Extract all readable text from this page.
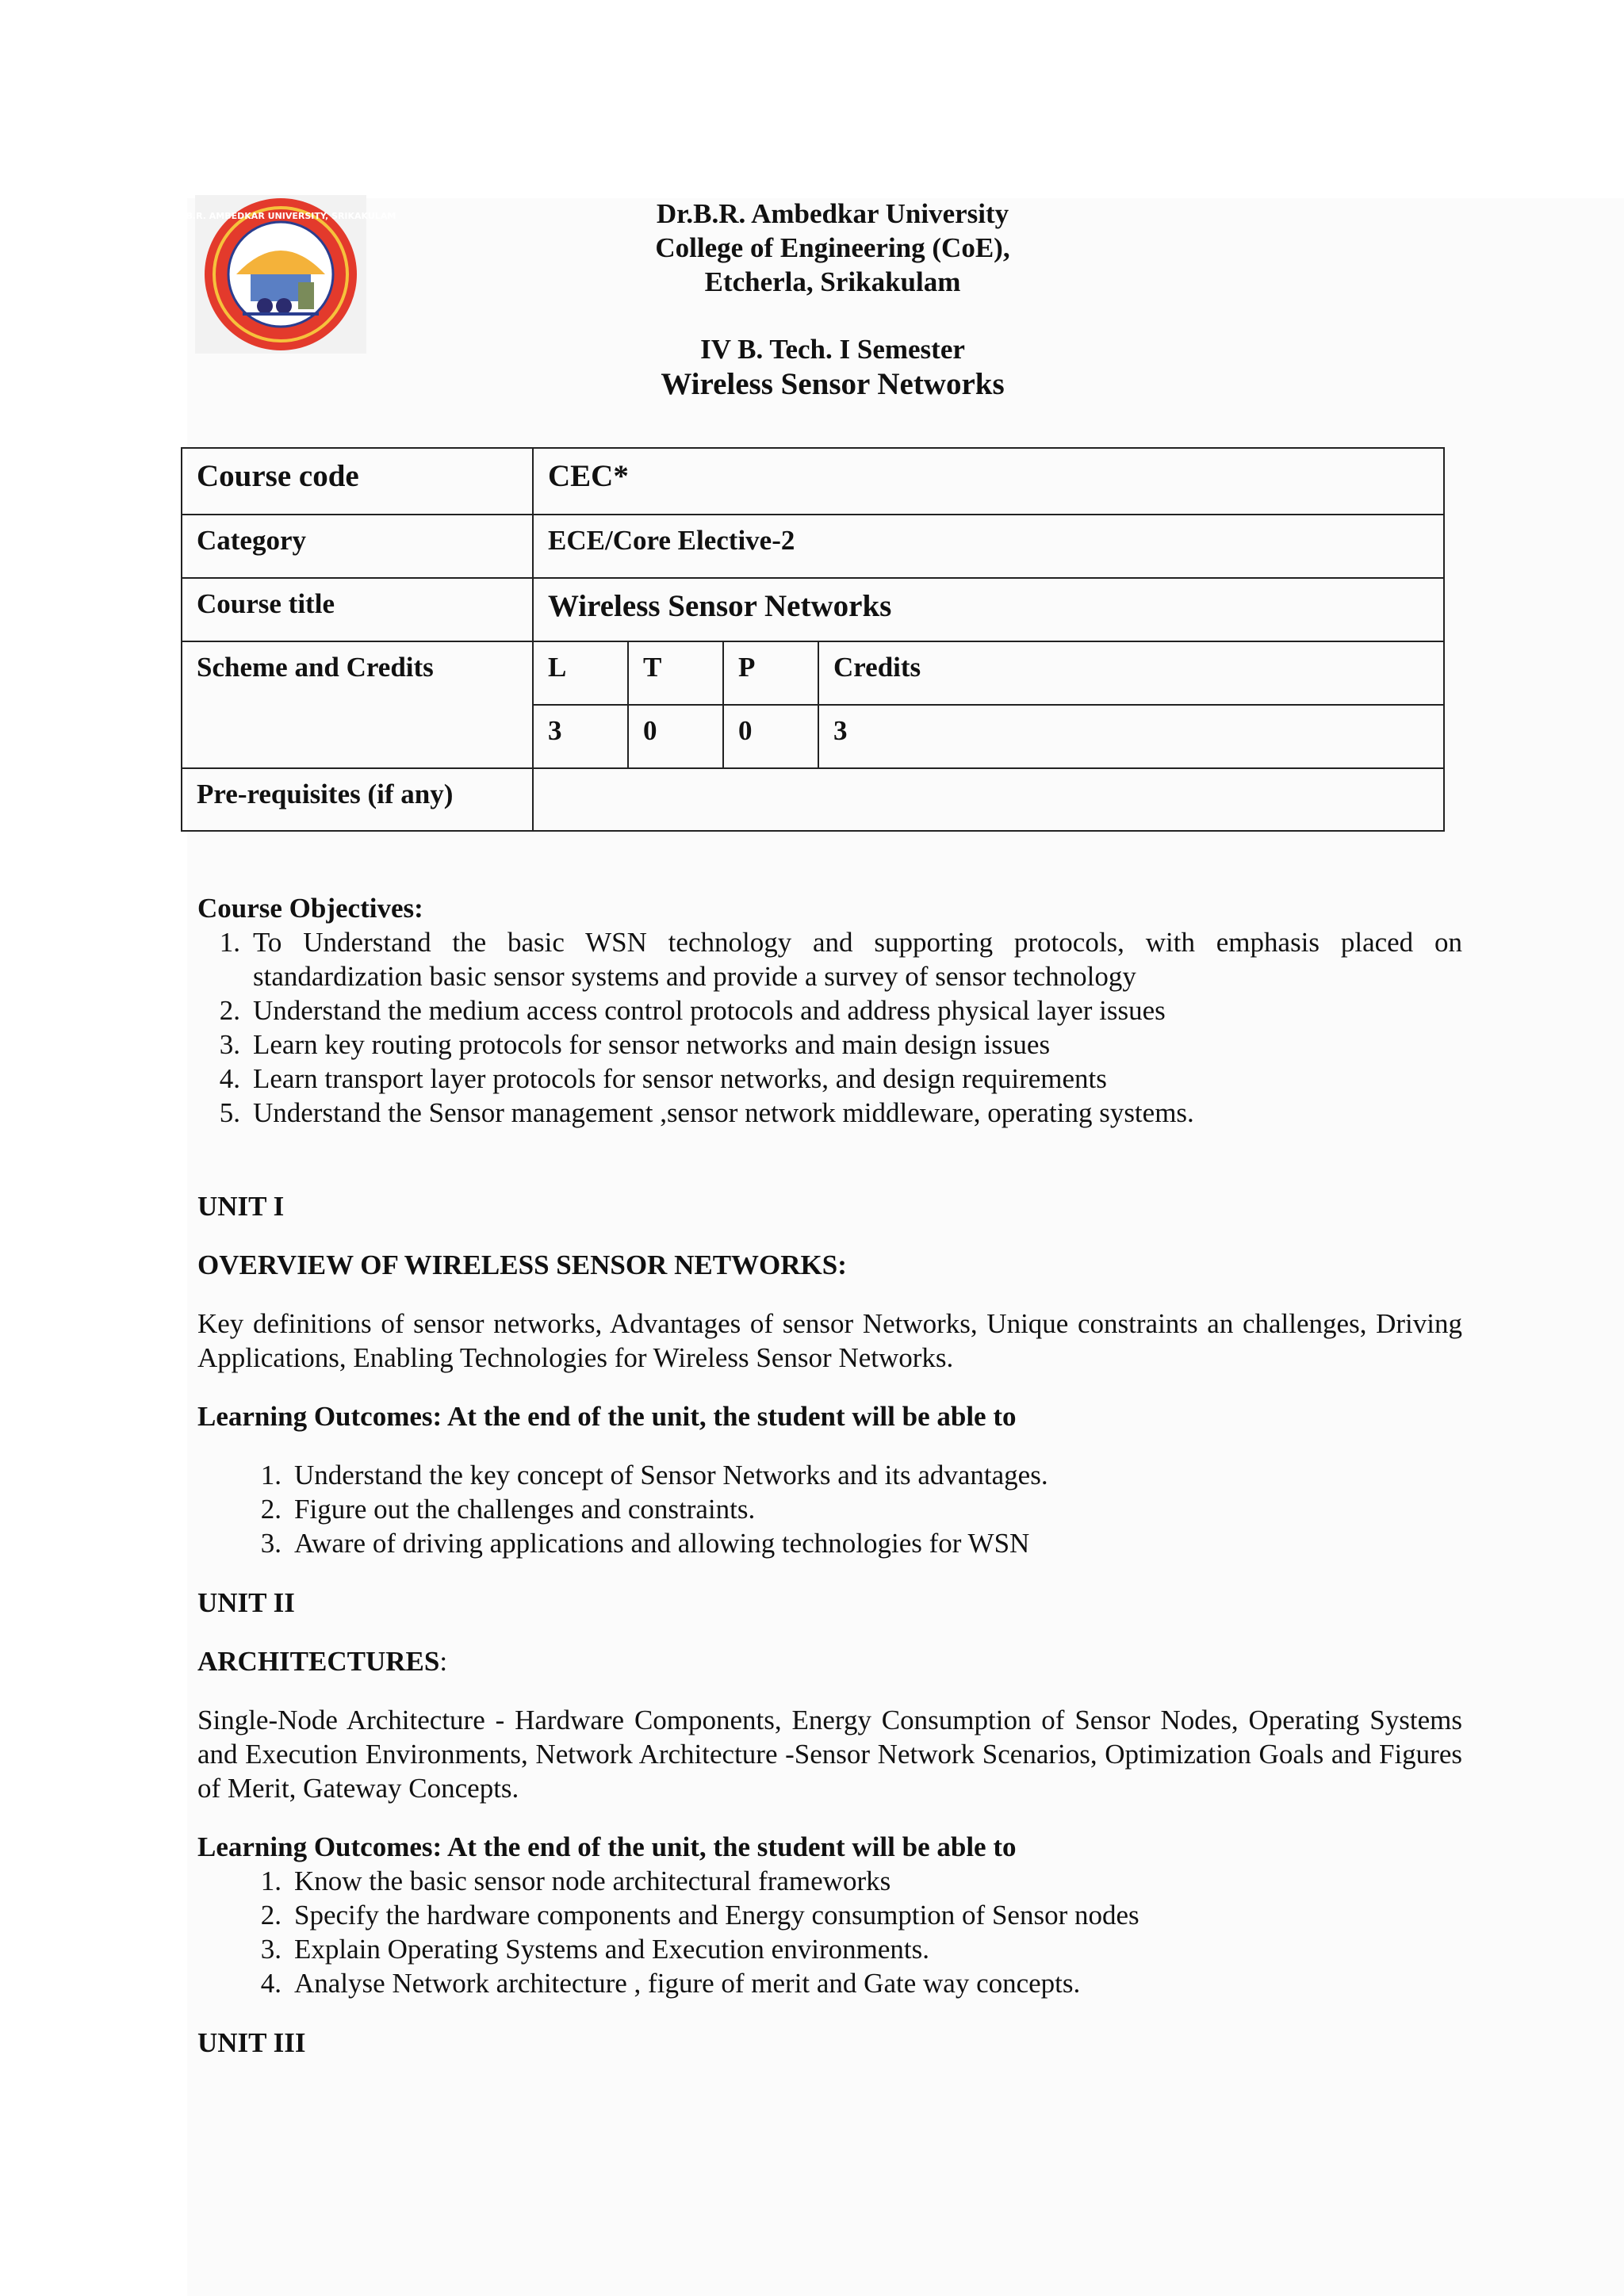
DR. B.R. AMBEDKAR UNIVERSITY, SRIKAKULAM	Dr.B.R. Ambedkar University
College of Engineering (CoE),
Etcherla, Srikakulam
IV B. Tech. I Semester
Wireless Sensor Networks
Course code	CEC*			
Category	ECE/Core Elective-2			
Course title	Wireless Sensor Networks			
Scheme and Credits	L	T	P	Credits
	3	0	0	3
Pre-requisites (if any)				
Course Objectives:
1. To Understand the basic WSN technology and supporting protocols, with emphasis placed on standardization basic sensor systems and provide a survey of sensor technology
2. Understand the medium access control protocols and address physical layer issues
3. Learn key routing protocols for sensor networks and main design issues
4. Learn transport layer protocols for sensor networks, and design requirements
5. Understand the Sensor management ,sensor network middleware, operating systems.
UNIT I
OVERVIEW OF WIRELESS SENSOR NETWORKS:

Key definitions of sensor networks, Advantages of sensor Networks, Unique constraints an challenges, Driving Applications, Enabling Technologies for Wireless Sensor Networks.

Learning Outcomes: At the end of the unit, the student will be able to
1. Understand the key concept of Sensor Networks and its advantages.
2. Figure out the challenges and constraints.
3. Aware of driving applications and allowing technologies for WSN
UNIT II
ARCHITECTURES:

Single-Node Architecture - Hardware Components, Energy Consumption of Sensor Nodes, Operating Systems and Execution Environments, Network Architecture -Sensor Network Scenarios, Optimization Goals and Figures of Merit, Gateway Concepts.

Learning Outcomes: At the end of the unit, the student will be able to
1. Know the basic sensor node architectural frameworks
2. Specify the hardware components and Energy consumption of Sensor nodes
3. Explain Operating Systems and Execution environments.
4. Analyse Network architecture , figure of merit and Gate way concepts.
UNIT III
